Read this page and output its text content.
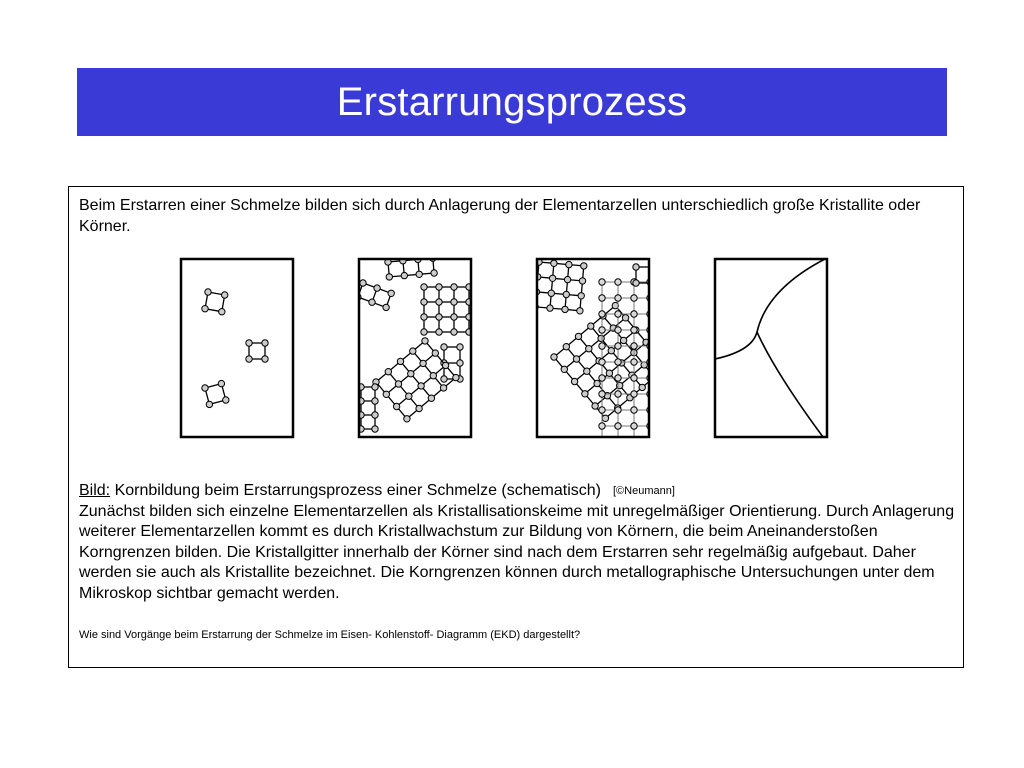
Erstarrungsprozess

Beim Erstarren einer Schmelze bilden sich durch Anlagerung der Elementarzellen unterschiedlich große Kristallite oder Körner.

Bild: Kornbildung beim Erstarrungsprozess einer Schmelze (schematisch) [©Neumann]

Zunächst bilden sich einzelne Elementarzellen als Kristallisationskeime mit unregelmäßiger Orientierung. Durch Anlagerung weiterer Elementarzellen kommt es durch Kristallwachstum zur Bildung von Körnern, die beim Aneinanderstoßen Korngrenzen bilden. Die Kristallgitter innerhalb der Körner sind nach dem Erstarren sehr regelmäßig aufgebaut. Daher werden sie auch als Kristallite bezeichnet. Die Korngrenzen können durch metallographische Untersuchungen unter dem Mikroskop sichtbar gemacht werden.

Wie sind Vorgänge beim Erstarrung der Schmelze im Eisen- Kohlenstoff- Diagramm (EKD) dargestellt?
